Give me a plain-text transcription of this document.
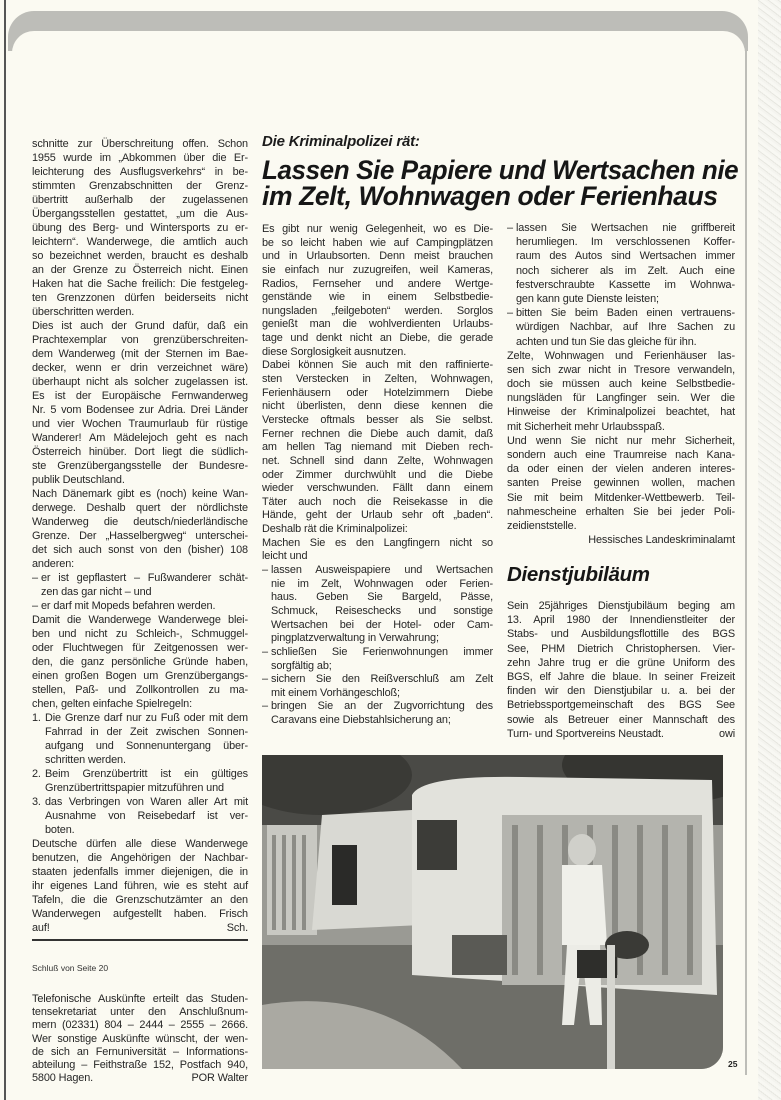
schnitte zur Überschreitung offen. Schon
1955 wurde im „Abkommen über die Er-
leichterung des Ausflugsverkehrs“ in be-
stimmten Grenzabschnitten der Grenz-
übertritt außerhalb der zugelassenen
Übergangsstellen gestattet, „um die Aus-
übung des Berg- und Wintersports zu er-
leichtern“. Wanderwege, die amtlich auch
so bezeichnet werden, braucht es deshalb
an der Grenze zu Österreich nicht. Einen
Haken hat die Sache freilich: Die festgeleg-
ten Grenzzonen dürfen beiderseits nicht
überschritten werden.
Dies ist auch der Grund dafür, daß ein
Prachtexemplar von grenzüberschreiten-
dem Wanderweg (mit der Sternen im Bae-
decker, wenn er drin verzeichnet wäre)
überhaupt nicht als solcher zugelassen ist.
Es ist der Europäische Fernwanderweg
Nr. 5 vom Bodensee zur Adria. Drei Länder
und vier Wochen Traumurlaub für rüstige
Wanderer! Am Mädelejoch geht es nach
Österreich hinüber. Dort liegt die südlich-
ste Grenzübergangsstelle der Bundesre-
publik Deutschland.
Nach Dänemark gibt es (noch) keine Wan-
derwege. Deshalb quert der nördlichste
Wanderweg die deutsch/niederländische
Grenze. Der „Hasselbergweg“ unterschei-
det sich auch sonst von den (bisher) 108
anderen:
– er ist gepflastert – Fußwanderer schät-
zen das gar nicht – und
– er darf mit Mopeds befahren werden.
Damit die Wanderwege Wanderwege blei-
ben und nicht zu Schleich-, Schmuggel-
oder Fluchtwegen für Zeitgenossen wer-
den, die ganz persönliche Gründe haben,
einen großen Bogen um Grenzübergangs-
stellen, Paß- und Zollkontrollen zu ma-
chen, gelten einfache Spielregeln:
1. Die Grenze darf nur zu Fuß oder mit dem
Fahrrad in der Zeit zwischen Sonnen-
aufgang und Sonnenuntergang über-
schritten werden.
2. Beim Grenzübertritt ist ein gültiges
Grenzübertrittspapier mitzuführen und
3. das Verbringen von Waren aller Art mit
Ausnahme von Reisebedarf ist ver-
boten.
Deutsche dürfen alle diese Wanderwege
benutzen, die Angehörigen der Nachbar-
staaten jedenfalls immer diejenigen, die in
ihr eigenes Land führen, wie es steht auf
Tafeln, die die Grenzschutzämter an den
Wanderwegen aufgestellt haben. Frisch
auf!	Sch.
Schluß von Seite 20
Telefonische Auskünfte erteilt das Studen-
tensekretariat unter den Anschlußnum-
mern (02331) 804 – 2444 – 2555 – 2666.
Wer sonstige Auskünfte wünscht, der wen-
de sich an Fernuniversität – Informations-
abteilung – Feithstraße 152, Postfach 940,
5800 Hagen.	POR Walter
Die Kriminalpolizei rät:
Lassen Sie Papiere und Wertsachen nie
im Zelt, Wohnwagen oder Ferienhaus
Es gibt nur wenig Gelegenheit, wo es Die-
be so leicht haben wie auf Campingplätzen
und in Urlaubsorten. Denn meist brauchen
sie einfach nur zuzugreifen, weil Kameras,
Radios, Fernseher und andere Wertge-
genstände wie in einem Selbstbedie-
nungsladen „feilgeboten“ werden. Sorglos
genießt man die wohlverdienten Urlaubs-
tage und denkt nicht an Diebe, die gerade
diese Sorglosigkeit ausnutzen.
Dabei können Sie auch mit den raffinierte-
sten Verstecken in Zelten, Wohnwagen,
Ferienhäusern oder Hotelzimmern Diebe
nicht überlisten, denn diese kennen die
Verstecke oftmals besser als Sie selbst.
Ferner rechnen die Diebe auch damit, daß
am hellen Tag niemand mit Dieben rech-
net. Schnell sind dann Zelte, Wohnwagen
oder Zimmer durchwühlt und die Diebe
wieder verschwunden. Fällt dann einem
Täter auch noch die Reisekasse in die
Hände, geht der Urlaub sehr oft „baden“.
Deshalb rät die Kriminalpolizei:
Machen Sie es den Langfingern nicht so
leicht und
– lassen Ausweispapiere und Wertsachen
nie im Zelt, Wohnwagen oder Ferien-
haus. Geben Sie Bargeld, Pässe,
Schmuck, Reiseschecks und sonstige
Wertsachen bei der Hotel- oder Cam-
pingplatzverwaltung in Verwahrung;
– schließen Sie Ferienwohnungen immer
sorgfältig ab;
– sichern Sie den Reißverschluß am Zelt
mit einem Vorhängeschloß;
– bringen Sie an der Zugvorrichtung des
Caravans eine Diebstahlsicherung an;
– lassen Sie Wertsachen nie griffbereit
herumliegen. Im verschlossenen Koffer-
raum des Autos sind Wertsachen immer
noch sicherer als im Zelt. Auch eine
festverschraubte Kassette im Wohnwa-
gen kann gute Dienste leisten;
– bitten Sie beim Baden einen vertrauens-
würdigen Nachbar, auf Ihre Sachen zu
achten und tun Sie das gleiche für ihn.
Zelte, Wohnwagen und Ferienhäuser las-
sen sich zwar nicht in Tresore verwandeln,
doch sie müssen auch keine Selbstbedie-
nungsläden für Langfinger sein. Wer die
Hinweise der Kriminalpolizei beachtet, hat
mit Sicherheit mehr Urlaubsspaß.
Und wenn Sie nicht nur mehr Sicherheit,
sondern auch eine Traumreise nach Kana-
da oder einen der vielen anderen interes-
santen Preise gewinnen wollen, machen
Sie mit beim Mitdenker-Wettbewerb. Teil-
nahmescheine erhalten Sie bei jeder Poli-
zeidienststelle.
Hessisches Landeskriminalamt
Dienstjubiläum
Sein 25jähriges Dienstjubiläum beging am
13. April 1980 der Innendienstleiter der
Stabs- und Ausbildungsflottille des BGS
See, PHM Dietrich Christophersen. Vier-
zehn Jahre trug er die grüne Uniform des
BGS, elf Jahre die blaue. In seiner Freizeit
finden wir den Dienstjubilar u. a. bei der
Betriebssportgemeinschaft des BGS See
sowie als Betreuer einer Mannschaft des
Turn- und Sportvereins Neustadt.	owi
25
